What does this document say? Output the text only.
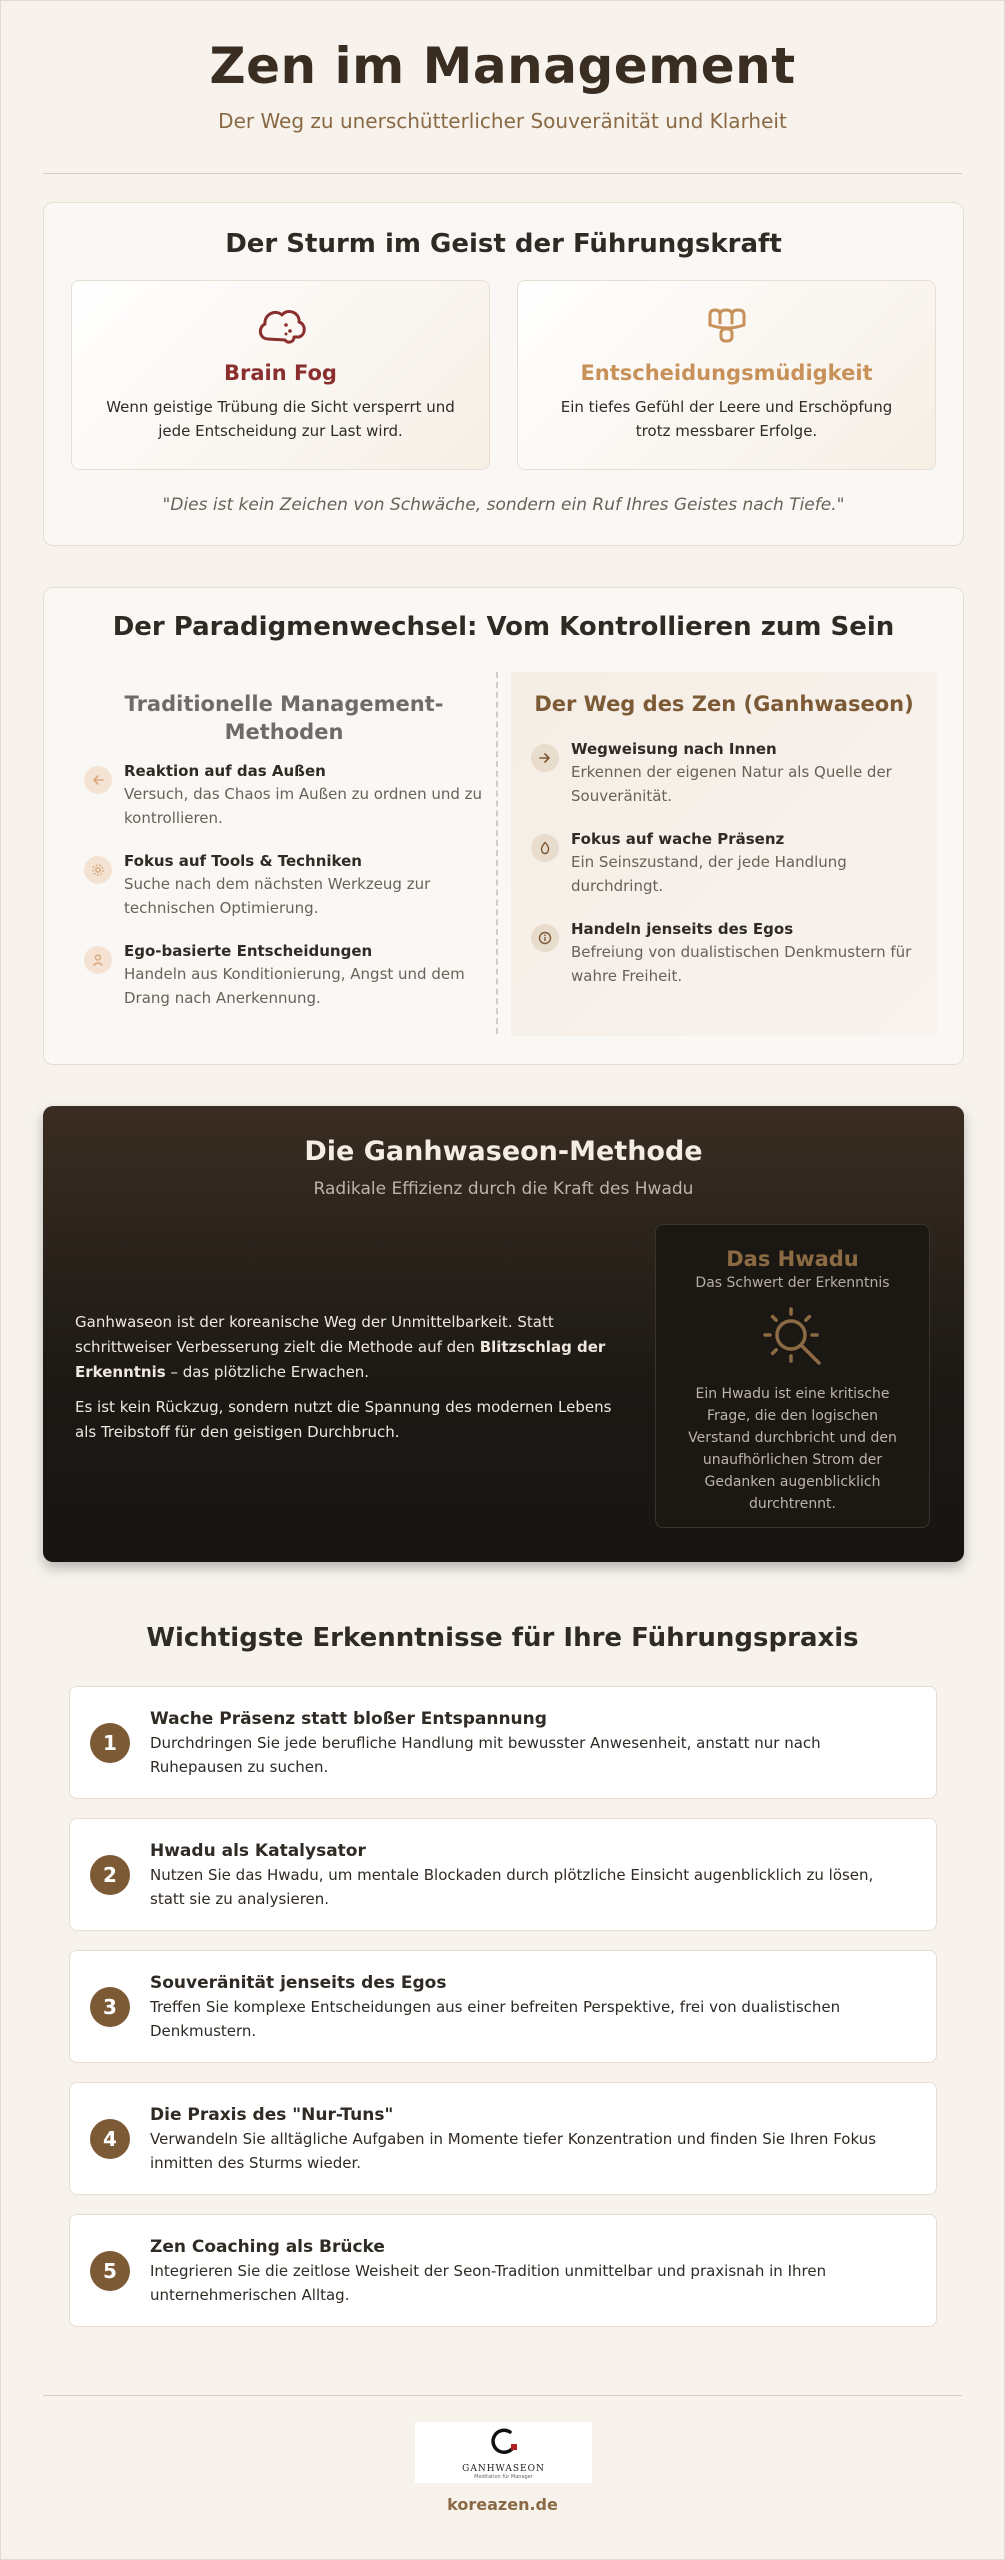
Zen im Management
Der Weg zu unerschütterlicher Souveränität und Klarheit
Der Sturm im Geist der Führungskraft
Brain Fog

Wenn geistige Trübung die Sicht versperrt und jede Entscheidung zur Last wird.

Entscheidungsmüdigkeit

Ein tiefes Gefühl der Leere und Erschöpfung trotz messbarer Erfolge.

"Dies ist kein Zeichen von Schwäche, sondern ein Ruf Ihres Geistes nach Tiefe."
Der Paradigmenwechsel: Vom Kontrollieren zum Sein
Traditionelle Management-Methoden
Reaktion auf das Außen

Versuch, das Chaos im Außen zu ordnen und zu kontrollieren.

Fokus auf Tools & Techniken

Suche nach dem nächsten Werkzeug zur technischen Optimierung.

Ego-basierte Entscheidungen

Handeln aus Konditionierung, Angst und dem Drang nach Anerkennung.

Der Weg des Zen (Ganhwaseon)
Wegweisung nach Innen

Erkennen der eigenen Natur als Quelle der Souveränität.

Fokus auf wache Präsenz

Ein Seinszustand, der jede Handlung durchdringt.

Handeln jenseits des Egos

Befreiung von dualistischen Denkmustern für wahre Freiheit.

Die Ganhwaseon-Methode
Radikale Effizienz durch die Kraft des Hwadu

Ganhwaseon ist der koreanische Weg der Unmittelbarkeit. Statt schrittweiser Verbesserung zielt die Methode auf den Blitzschlag der Erkenntnis – das plötzliche Erwachen.

Es ist kein Rückzug, sondern nutzt die Spannung des modernen Lebens als Treibstoff für den geistigen Durchbruch.

Das Hwadu
Das Schwert der Erkenntnis

Ein Hwadu ist eine kritische Frage, die den logischen Verstand durchbricht und den unaufhörlichen Strom der Gedanken augenblicklich durchtrennt.

Wichtigste Erkenntnisse für Ihre Führungspraxis
1
Wache Präsenz statt bloßer Entspannung

Durchdringen Sie jede berufliche Handlung mit bewusster Anwesenheit, anstatt nur nach Ruhepausen zu suchen.

2
Hwadu als Katalysator

Nutzen Sie das Hwadu, um mentale Blockaden durch plötzliche Einsicht augenblicklich zu lösen, statt sie zu analysieren.

3
Souveränität jenseits des Egos

Treffen Sie komplexe Entscheidungen aus einer befreiten Perspektive, frei von dualistischen Denkmustern.

4
Die Praxis des "Nur-Tuns"

Verwandeln Sie alltägliche Aufgaben in Momente tiefer Konzentration und finden Sie Ihren Fokus inmitten des Sturms wieder.

5
Zen Coaching als Brücke

Integrieren Sie die zeitlose Weisheit der Seon-Tradition unmittelbar und praxisnah in Ihren unternehmerischen Alltag.

GANHWASEON
Meditation für Manager
koreazen.de
